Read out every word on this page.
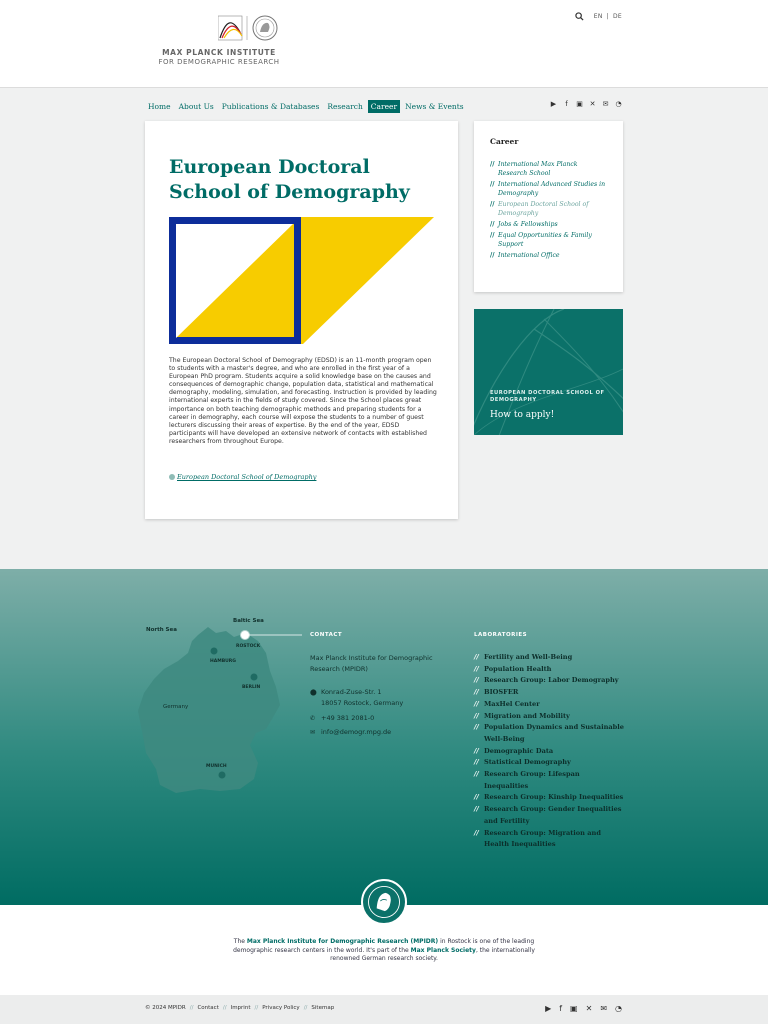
MAX PLANCK INSTITUTE
FOR DEMOGRAPHIC RESEARCH
EN | DE
Home	About Us	Publications & Databases	Research	Career	News & Events	▶	f	▣ ✕ ✉ ◔
European Doctoral School of Demography

The European Doctoral School of Demography (EDSD) is an 11-month program open to students with a master's degree, and who are enrolled in the first year of a European PhD program. Students acquire a solid knowledge base on the causes and consequences of demographic change, population data, statistical and mathematical demography, modeling, simulation, and forecasting. Instruction is provided by leading international experts in the fields of study covered. Since the School places great importance on both teaching demographic methods and preparing students for a career in demography, each course will expose the students to a number of guest lecturers discussing their areas of expertise. By the end of the year, EDSD participants will have developed an extensive network of contacts with established researchers from throughout Europe.

European Doctoral School of Demography
Career
// International Max Planck Research School
// International Advanced Studies in Demography
// European Doctoral School of Demography
// Jobs & Fellowships
// Equal Opportunities & Family Support
// International Office
EUROPEAN DOCTORAL SCHOOL OF DEMOGRAPHY
How to apply!
North Sea
Baltic Sea
ROSTOCK
HAMBURG
BERLIN
Germany
MUNICH
CONTACT
Max Planck Institute for Demographic Research (MPIDR)
⬤ Konrad-Zuse-Str. 1
18057 Rostock, Germany
✆ +49 381 2081-0
✉ info@demogr.mpg.de
LABORATORIES
// Fertility and Well-Being
// Population Health
// Research Group: Labor Demography
// BIOSFER
// MaxHel Center
// Migration and Mobility
// Population Dynamics and Sustainable Well-Being
// Demographic Data
// Statistical Demography
// Research Group: Lifespan Inequalities
// Research Group: Kinship Inequalities
// Research Group: Gender Inequalities and Fertility
// Research Group: Migration and Health Inequalities

The Max Planck Institute for Demographic Research (MPIDR) in Rostock is one of the leading demographic research centers in the world. It's part of the Max Planck Society, the internationally renowned German research society.

© 2024 MPIDR // Contact // Imprint // Privacy Policy // Sitemap	▶ f ▣ ✕ ✉ ◔
